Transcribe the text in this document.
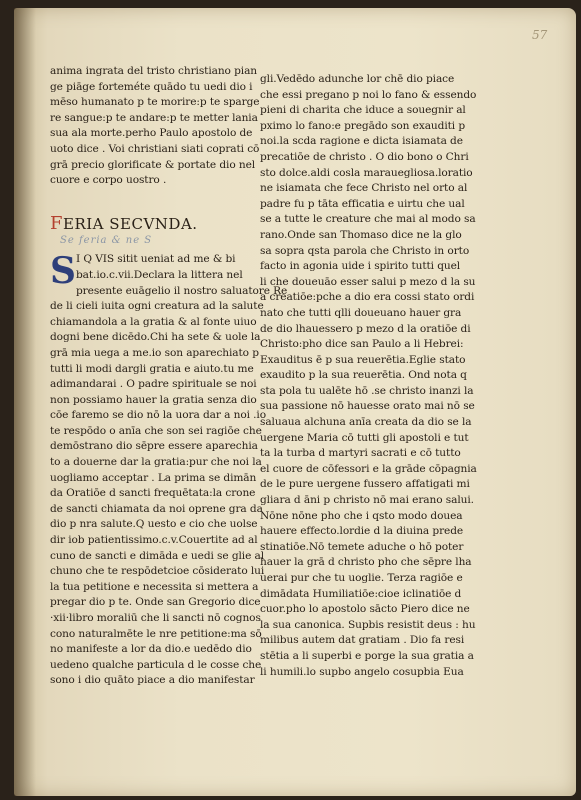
57
anima ingrata del tristo christiano pian
ge piāge forteméte quādo tu uedi dio i
mēso humanato p te morire:p te sparge
re sangue:p te andare:p te metter lania
sua ala morte.perho Paulo apostolo de
uoto dice . Voi christiani siati coprati cō
grā precio glorificate & portate dio nel
cuore e corpo uostro .
FERIA SECVNDA.
Se feria & ne S
S I Q VIS sitit ueniat ad me & bi
bat.io.c.vii.Declara la littera nel
presente euāgelio il nostro saluatore Re
de li cieli iuita ogni creatura ad la salute
chiamandola a la gratia & al fonte uiuo
dogni bene dicēdo.Chi ha sete & uole la
grā mia uega a me.io son aparechiato p
tutti li modi dargli gratia e aiuto.tu me
adimandarai . O padre spirituale se noi
non possiamo hauer la gratia senza dio
cōe faremo se dio nō la uora dar a noi .io
te respōdo o anīa che son sei ragiōe che
demōstrano dio sēpre essere aparechia
to a douerne dar la gratia:pur che noi la
uogliamo acceptar . La prima se dimān
da Oratiōe d sancti frequētata:la crone
de sancti chiamata da noi oprene gra da
dio p nra salute.Q uesto e cio che uolse
dir iob patientissimo.c.v.Couertite ad al
cuno de sancti e dimāda e uedi se glie al
chuno che te respōdetcioe cōsiderato lui
la tua petitione e necessita si mettera a
pregar dio p te. Onde san Gregorio dice
·xii·libro moraliū che li sancti nō cognos
cono naturalmēte le nre petitione:ma sō
no manifeste a lor da dio.e uedēdo dio
uedeno qualche particula d le cosse che
sono i dio quāto piace a dio manifestar
gli.Vedēdo adunche lor chē dio piace
che essi pregano p noi lo fano & essendo
pieni di charita che iduce a souegnir al
pximo lo fano:e pregādo son exauditi p
noi.la scda ragione e dicta isiamata de
precatiōe de christo . O dio bono o Chri
sto dolce.aldi cosla marauegliosa.loratio
ne isiamata che fece Christo nel orto al
padre fu p tāta efficatia e uirtu che ual
se a tutte le creature che mai al modo sa
rano.Onde san Thomaso dice ne la glo
sa sopra qsta parola che Christo in orto
facto in agonia uide i spirito tutti quel
li che doueuāo esser salui p mezo d la su
a creatiōe:pche a dio era cossi stato ordi
nato che tutti qlli doueuano hauer gra
de dio lhauessero p mezo d la oratiōe di
Christo:pho dice san Paulo a li Hebrei:
Exauditus ē p sua reuerētia.Eglie stato
exaudito p la sua reuerētia. Ond nota q
sta pola tu ualēte hō .se christo inanzi la
sua passione nō hauesse orato mai nō se
saluaua alchuna anīa creata da dio se la
uergene Maria cō tutti gli apostoli e tut
ta la turba d martyri sacrati e cō tutto
el cuore de cōfessori e la grāde cōpagnia
de le pure uergene fussero affatigati mi
gliara d āni p christo nō mai erano salui.
Nōne nōne pho che i qsto modo douea
hauere effecto.lordie d la diuina prede
stinatiōe.Nō temete aduche o hō poter
hauer la grā d christo pho che sēpre lha
uerai pur che tu uoglie. Terza ragiōe e
dimādata Humiliatiōe:cioe iclinatiōe d
cuor.pho lo apostolo sācto Piero dice ne
la sua canonica. Supbis resistit deus : hu
milibus autem dat gratiam . Dio fa resi
stētia a li superbi e porge la sua gratia a
li humili.lo supbo angelo cosupbia Eua
